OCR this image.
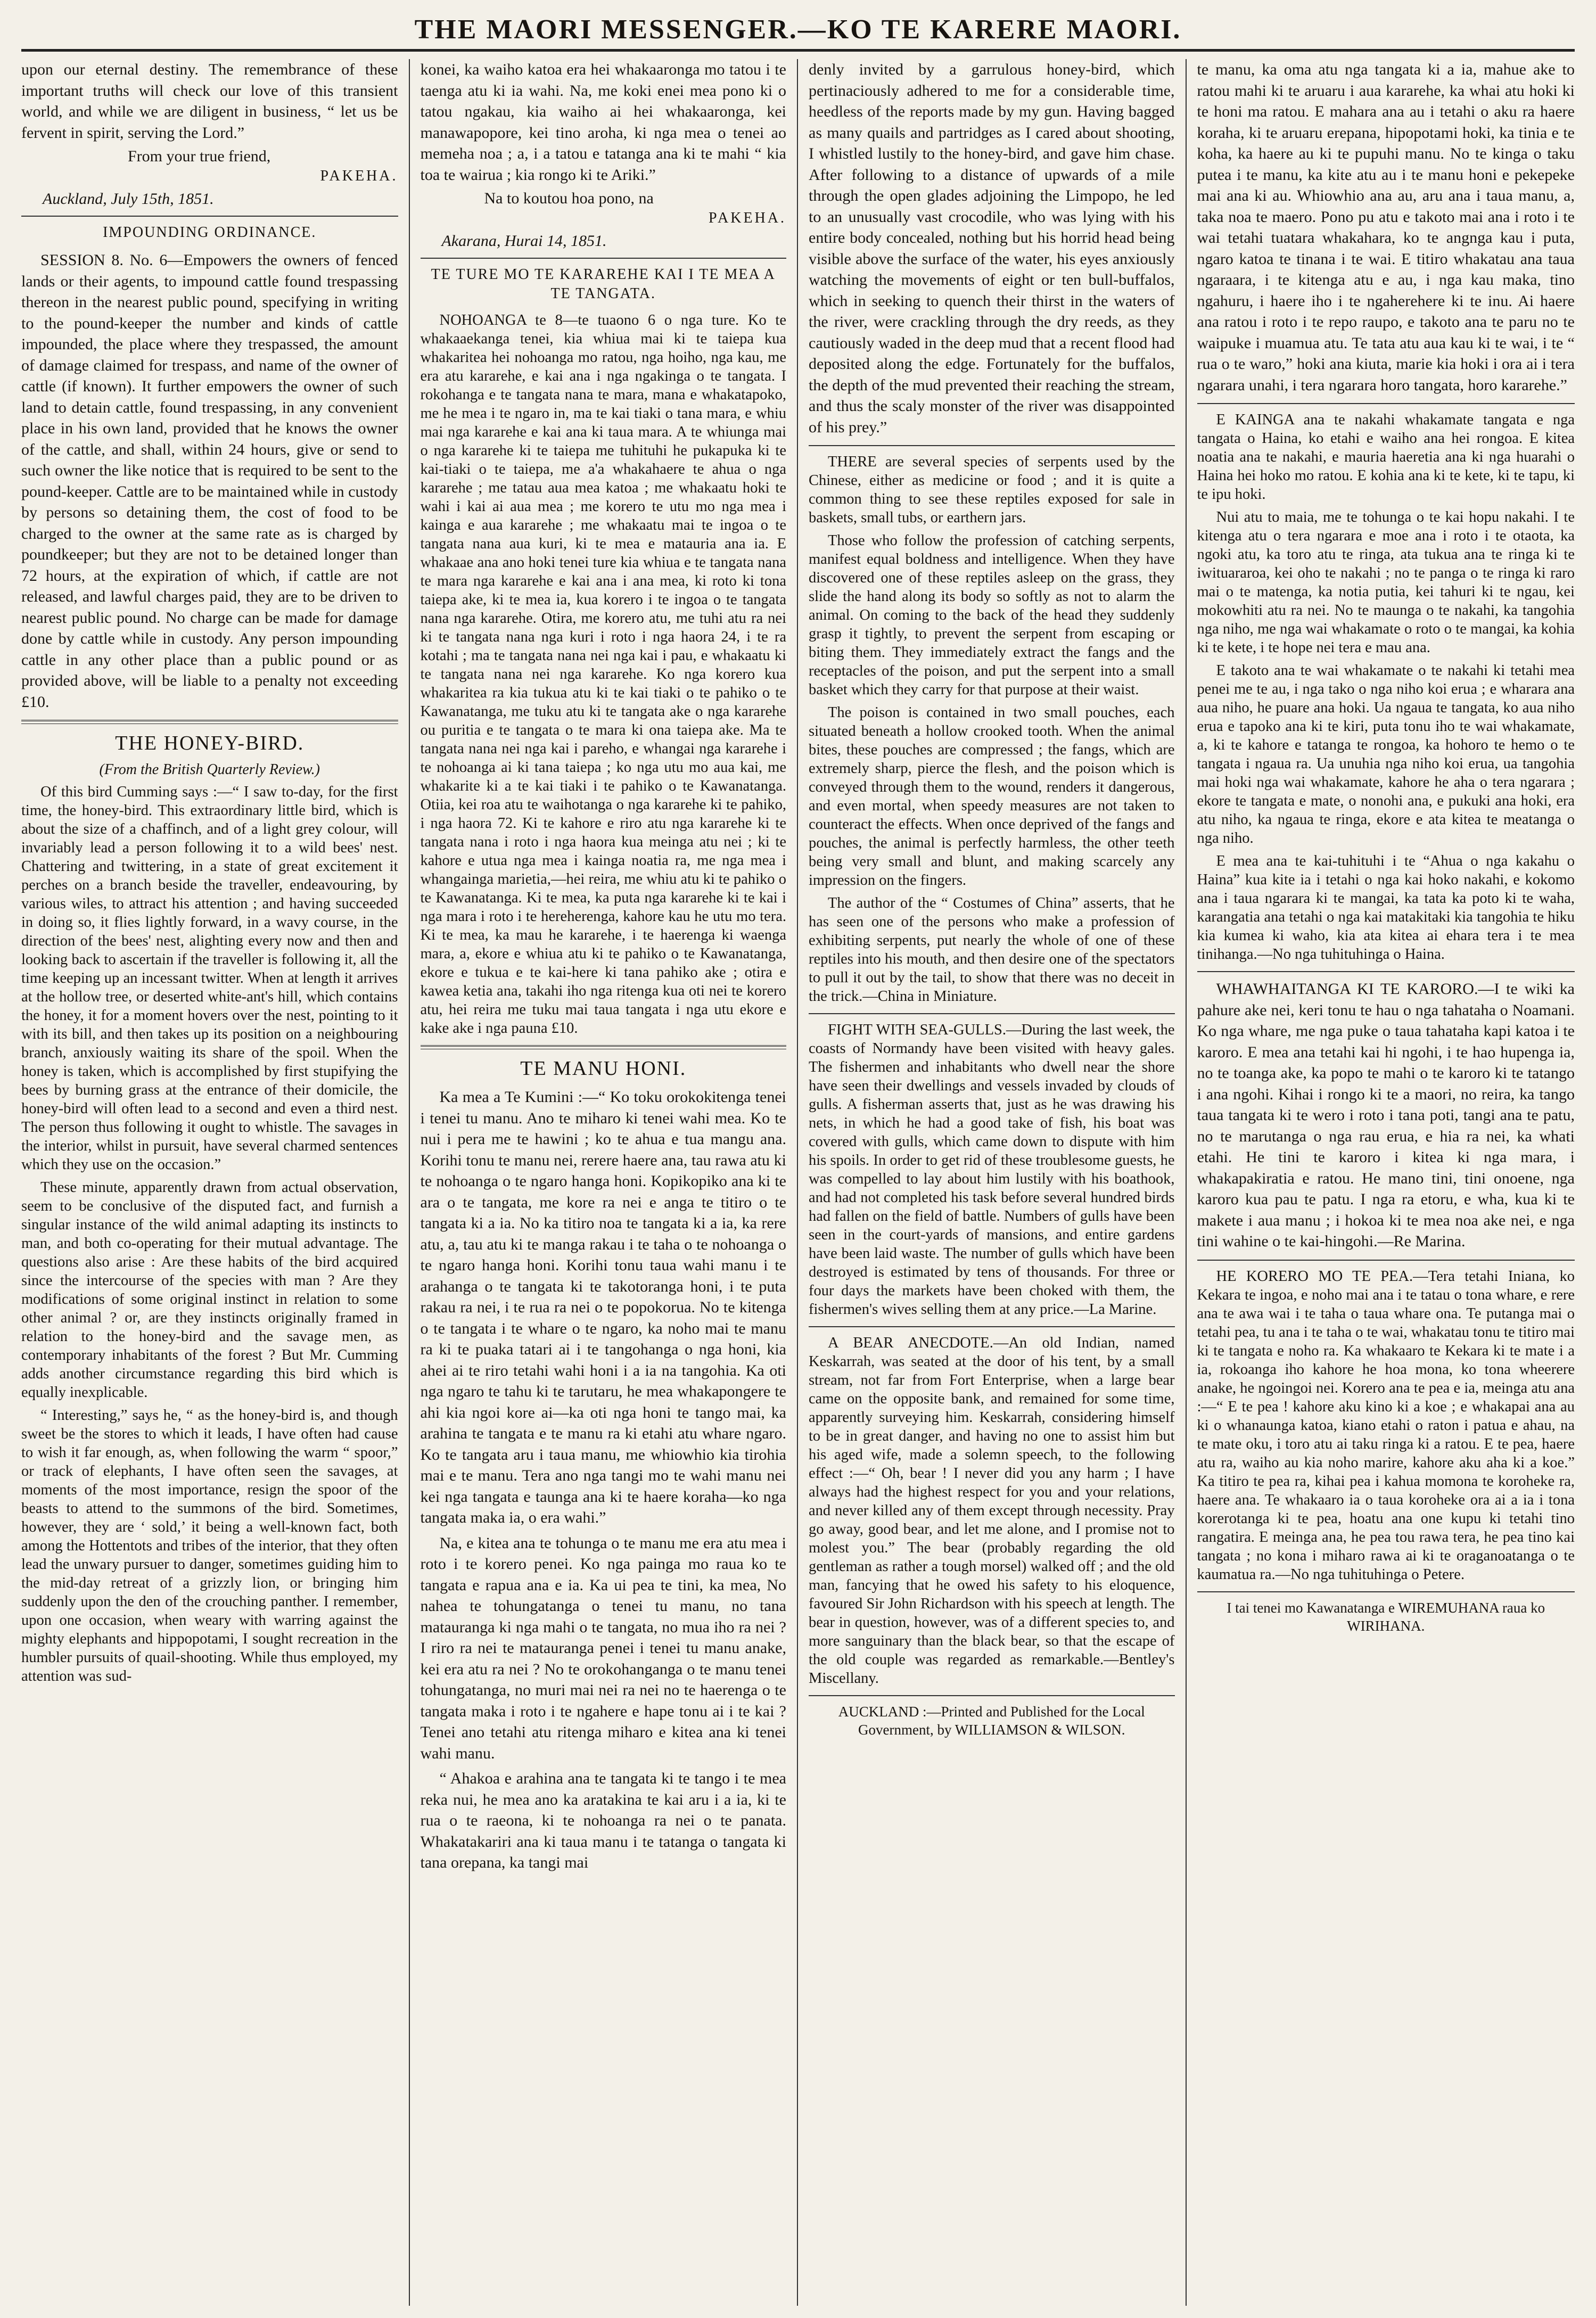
THE MAORI MESSENGER.—KO TE KARERE MAORI.

upon our eternal destiny. The remembrance of these important truths will check our love of this transient world, and while we are diligent in business, “ let us be fervent in spirit, serving the Lord.”

From your true friend,
PAKEHA.
Auckland, July 15th, 1851.
IMPOUNDING ORDINANCE.

SESSION 8. No. 6—Empowers the owners of fenced lands or their agents, to impound cattle found trespassing thereon in the nearest public pound, specifying in writing to the pound-keeper the number and kinds of cattle impounded, the place where they trespassed, the amount of damage claimed for trespass, and name of the owner of cattle (if known). It further empowers the owner of such land to detain cattle, found trespassing, in any convenient place in his own land, provided that he knows the owner of the cattle, and shall, within 24 hours, give or send to such owner the like notice that is required to be sent to the pound-keeper. Cattle are to be maintained while in custody by persons so detaining them, the cost of food to be charged to the owner at the same rate as is charged by poundkeeper; but they are not to be detained longer than 72 hours, at the expiration of which, if cattle are not released, and lawful charges paid, they are to be driven to nearest public pound. No charge can be made for damage done by cattle while in custody. Any person impounding cattle in any other place than a public pound or as provided above, will be liable to a penalty not exceeding £10.

THE HONEY-BIRD.
(From the British Quarterly Review.)

Of this bird Cumming says :—“ I saw to-day, for the first time, the honey-bird. This extraordinary little bird, which is about the size of a chaffinch, and of a light grey colour, will invariably lead a person following it to a wild bees' nest. Chattering and twittering, in a state of great excitement it perches on a branch beside the traveller, endeavouring, by various wiles, to attract his attention ; and having succeeded in doing so, it flies lightly forward, in a wavy course, in the direction of the bees' nest, alighting every now and then and looking back to ascertain if the traveller is following it, all the time keeping up an incessant twitter. When at length it arrives at the hollow tree, or deserted white-ant's hill, which contains the honey, it for a moment hovers over the nest, pointing to it with its bill, and then takes up its position on a neighbouring branch, anxiously waiting its share of the spoil. When the honey is taken, which is accomplished by first stupifying the bees by burning grass at the entrance of their domicile, the honey-bird will often lead to a second and even a third nest. The person thus following it ought to whistle. The savages in the interior, whilst in pursuit, have several charmed sentences which they use on the occasion.”

These minute, apparently drawn from actual observation, seem to be conclusive of the disputed fact, and furnish a singular instance of the wild animal adapting its instincts to man, and both co-operating for their mutual advantage. The questions also arise : Are these habits of the bird acquired since the intercourse of the species with man ? Are they modifications of some original instinct in relation to some other animal ? or, are they instincts originally framed in relation to the honey-bird and the savage men, as contemporary inhabitants of the forest ? But Mr. Cumming adds another circumstance regarding this bird which is equally inexplicable.

“ Interesting,” says he, “ as the honey-bird is, and though sweet be the stores to which it leads, I have often had cause to wish it far enough, as, when following the warm “ spoor,” or track of elephants, I have often seen the savages, at moments of the most importance, resign the spoor of the beasts to attend to the summons of the bird. Sometimes, however, they are ‘ sold,’ it being a well-known fact, both among the Hottentots and tribes of the interior, that they often lead the unwary pursuer to danger, sometimes guiding him to the mid-day retreat of a grizzly lion, or bringing him suddenly upon the den of the crouching panther. I remember, upon one occasion, when weary with warring against the mighty elephants and hippopotami, I sought recreation in the humbler pursuits of quail-shooting. While thus employed, my attention was sud-

konei, ka waiho katoa era hei whakaaronga mo tatou i te taenga atu ki ia wahi. Na, me koki enei mea pono ki o tatou ngakau, kia waiho ai hei whakaaronga, kei manawapopore, kei tino aroha, ki nga mea o tenei ao memeha noa ; a, i a tatou e tatanga ana ki te mahi “ kia toa te wairua ; kia rongo ki te Ariki.”

Na to koutou hoa pono, na
PAKEHA.
Akarana, Hurai 14, 1851.
TE TURE MO TE KARAREHE KAI I TE MEA A TE TANGATA.

NOHOANGA te 8—te tuaono 6 o nga ture. Ko te whakaaekanga tenei, kia whiua mai ki te taiepa kua whakaritea hei nohoanga mo ratou, nga hoiho, nga kau, me era atu kararehe, e kai ana i nga ngakinga o te tangata. I rokohanga e te tangata nana te mara, mana e whakatapoko, me he mea i te ngaro in, ma te kai tiaki o tana mara, e whiu mai nga kararehe e kai ana ki taua mara. A te whiunga mai o nga kararehe ki te taiepa me tuhituhi he pukapuka ki te kai-tiaki o te taiepa, me a'a whakahaere te ahua o nga kararehe ; me tatau aua mea katoa ; me whakaatu hoki te wahi i kai ai aua mea ; me korero te utu mo nga mea i kainga e aua kararehe ; me whakaatu mai te ingoa o te tangata nana aua kuri, ki te mea e matauria ana ia. E whakaae ana ano hoki tenei ture kia whiua e te tangata nana te mara nga kararehe e kai ana i ana mea, ki roto ki tona taiepa ake, ki te mea ia, kua korero i te ingoa o te tangata nana nga kararehe. Otira, me korero atu, me tuhi atu ra nei ki te tangata nana nga kuri i roto i nga haora 24, i te ra kotahi ; ma te tangata nana nei nga kai i pau, e whakaatu ki te tangata nana nei nga kararehe. Ko nga korero kua whakaritea ra kia tukua atu ki te kai tiaki o te pahiko o te Kawanatanga, me tuku atu ki te tangata ake o nga kararehe ou puritia e te tangata o te mara ki ona taiepa ake. Ma te tangata nana nei nga kai i pareho, e whangai nga kararehe i te nohoanga ai ki tana taiepa ; ko nga utu mo aua kai, me whakarite ki a te kai tiaki i te pahiko o te Kawanatanga. Otiia, kei roa atu te waihotanga o nga kararehe ki te pahiko, i nga haora 72. Ki te kahore e riro atu nga kararehe ki te tangata nana i roto i nga haora kua meinga atu nei ; ki te kahore e utua nga mea i kainga noatia ra, me nga mea i whangainga marietia,—hei reira, me whiu atu ki te pahiko o te Kawanatanga. Ki te mea, ka puta nga kararehe ki te kai i nga mara i roto i te hereherenga, kahore kau he utu mo tera. Ki te mea, ka mau he kararehe, i te haerenga ki waenga mara, a, ekore e whiua atu ki te pahiko o te Kawanatanga, ekore e tukua e te kai-here ki tana pahiko ake ; otira e kawea ketia ana, takahi iho nga ritenga kua oti nei te korero atu, hei reira me tuku mai taua tangata i nga utu ekore e kake ake i nga pauna £10.

TE MANU HONI.

Ka mea a Te Kumini :—“ Ko toku orokokitenga tenei i tenei tu manu. Ano te miharo ki tenei wahi mea. Ko te nui i pera me te hawini ; ko te ahua e tua mangu ana. Korihi tonu te manu nei, rerere haere ana, tau rawa atu ki te nohoanga o te ngaro hanga honi. Kopikopiko ana ki te ara o te tangata, me kore ra nei e anga te titiro o te tangata ki a ia. No ka titiro noa te tangata ki a ia, ka rere atu, a, tau atu ki te manga rakau i te taha o te nohoanga o te ngaro hanga honi. Korihi tonu taua wahi manu i te arahanga o te tangata ki te takotoranga honi, i te puta rakau ra nei, i te rua ra nei o te popokorua. No te kitenga o te tangata i te whare o te ngaro, ka noho mai te manu ra ki te puaka tatari ai i te tangohanga o nga honi, kia ahei ai te riro tetahi wahi honi i a ia na tangohia. Ka oti nga ngaro te tahu ki te tarutaru, he mea whakapongere te ahi kia ngoi kore ai—ka oti nga honi te tango mai, ka arahina te tangata e te manu ra ki etahi atu whare ngaro. Ko te tangata aru i taua manu, me whiowhio kia tirohia mai e te manu. Tera ano nga tangi mo te wahi manu nei kei nga tangata e taunga ana ki te haere koraha—ko nga tangata maka ia, o era wahi.”

Na, e kitea ana te tohunga o te manu me era atu mea i roto i te korero penei. Ko nga painga mo raua ko te tangata e rapua ana e ia. Ka ui pea te tini, ka mea, No nahea te tohungatanga o tenei tu manu, no tana matauranga ki nga mahi o te tangata, no mua iho ra nei ? I riro ra nei te matauranga penei i tenei tu manu anake, kei era atu ra nei ? No te orokohanganga o te manu tenei tohungatanga, no muri mai nei ra nei no te haerenga o te tangata maka i roto i te ngahere e hape tonu ai i te kai ? Tenei ano tetahi atu ritenga miharo e kitea ana ki tenei wahi manu.

“ Ahakoa e arahina ana te tangata ki te tango i te mea reka nui, he mea ano ka aratakina te kai aru i a ia, ki te rua o te raeona, ki te nohoanga ra nei o te panata. Whakatakariri ana ki taua manu i te tatanga o tangata ki tana orepana, ka tangi mai

denly invited by a garrulous honey-bird, which pertinaciously adhered to me for a considerable time, heedless of the reports made by my gun. Having bagged as many quails and partridges as I cared about shooting, I whistled lustily to the honey-bird, and gave him chase. After following to a distance of upwards of a mile through the open glades adjoining the Limpopo, he led to an unusually vast crocodile, who was lying with his entire body concealed, nothing but his horrid head being visible above the surface of the water, his eyes anxiously watching the movements of eight or ten bull-buffalos, which in seeking to quench their thirst in the waters of the river, were crackling through the dry reeds, as they cautiously waded in the deep mud that a recent flood had deposited along the edge. Fortunately for the buffalos, the depth of the mud prevented their reaching the stream, and thus the scaly monster of the river was disappointed of his prey.”

THERE are several species of serpents used by the Chinese, either as medicine or food ; and it is quite a common thing to see these reptiles exposed for sale in baskets, small tubs, or earthern jars.

Those who follow the profession of catching serpents, manifest equal boldness and intelligence. When they have discovered one of these reptiles asleep on the grass, they slide the hand along its body so softly as not to alarm the animal. On coming to the back of the head they suddenly grasp it tightly, to prevent the serpent from escaping or biting them. They immediately extract the fangs and the receptacles of the poison, and put the serpent into a small basket which they carry for that purpose at their waist.

The poison is contained in two small pouches, each situated beneath a hollow crooked tooth. When the animal bites, these pouches are compressed ; the fangs, which are extremely sharp, pierce the flesh, and the poison which is conveyed through them to the wound, renders it dangerous, and even mortal, when speedy measures are not taken to counteract the effects. When once deprived of the fangs and pouches, the animal is perfectly harmless, the other teeth being very small and blunt, and making scarcely any impression on the fingers.

The author of the “ Costumes of China” asserts, that he has seen one of the persons who make a profession of exhibiting serpents, put nearly the whole of one of these reptiles into his mouth, and then desire one of the spectators to pull it out by the tail, to show that there was no deceit in the trick.—China in Miniature.

FIGHT WITH SEA-GULLS.—During the last week, the coasts of Normandy have been visited with heavy gales. The fishermen and inhabitants who dwell near the shore have seen their dwellings and vessels invaded by clouds of gulls. A fisherman asserts that, just as he was drawing his nets, in which he had a good take of fish, his boat was covered with gulls, which came down to dispute with him his spoils. In order to get rid of these troublesome guests, he was compelled to lay about him lustily with his boathook, and had not completed his task before several hundred birds had fallen on the field of battle. Numbers of gulls have been seen in the court-yards of mansions, and entire gardens have been laid waste. The number of gulls which have been destroyed is estimated by tens of thousands. For three or four days the markets have been choked with them, the fishermen's wives selling them at any price.—La Marine.

A BEAR ANECDOTE.—An old Indian, named Keskarrah, was seated at the door of his tent, by a small stream, not far from Fort Enterprise, when a large bear came on the opposite bank, and remained for some time, apparently surveying him. Keskarrah, considering himself to be in great danger, and having no one to assist him but his aged wife, made a solemn speech, to the following effect :—“ Oh, bear ! I never did you any harm ; I have always had the highest respect for you and your relations, and never killed any of them except through necessity. Pray go away, good bear, and let me alone, and I promise not to molest you.” The bear (probably regarding the old gentleman as rather a tough morsel) walked off ; and the old man, fancying that he owed his safety to his eloquence, favoured Sir John Richardson with his speech at length. The bear in question, however, was of a different species to, and more sanguinary than the black bear, so that the escape of the old couple was regarded as remarkable.—Bentley's Miscellany.

AUCKLAND :—Printed and Published for the Local Government, by WILLIAMSON & WILSON.

te manu, ka oma atu nga tangata ki a ia, mahue ake to ratou mahi ki te aruaru i aua kararehe, ka whai atu hoki ki te honi ma ratou. E mahara ana au i tetahi o aku ra haere koraha, ki te aruaru erepana, hipopotami hoki, ka tinia e te koha, ka haere au ki te pupuhi manu. No te kinga o taku putea i te manu, ka kite atu au i te manu honi e pekepeke mai ana ki au. Whiowhio ana au, aru ana i taua manu, a, taka noa te maero. Pono pu atu e takoto mai ana i roto i te wai tetahi tuatara whakahara, ko te angnga kau i puta, ngaro katoa te tinana i te wai. E titiro whakatau ana taua ngaraara, i te kitenga atu e au, i nga kau maka, tino ngahuru, i haere iho i te ngaherehere ki te inu. Ai haere ana ratou i roto i te repo raupo, e takoto ana te paru no te waipuke i muamua atu. Te tata atu aua kau ki te wai, i te “ rua o te waro,” hoki ana kiuta, marie kia hoki i ora ai i tera ngarara unahi, i tera ngarara horo tangata, horo kararehe.”

E KAINGA ana te nakahi whakamate tangata e nga tangata o Haina, ko etahi e waiho ana hei rongoa. E kitea noatia ana te nakahi, e mauria haeretia ana ki nga huarahi o Haina hei hoko mo ratou. E kohia ana ki te kete, ki te tapu, ki te ipu hoki.

Nui atu to maia, me te tohunga o te kai hopu nakahi. I te kitenga atu o tera ngarara e moe ana i roto i te otaota, ka ngoki atu, ka toro atu te ringa, ata tukua ana te ringa ki te iwituararoa, kei oho te nakahi ; no te panga o te ringa ki raro mai o te matenga, ka notia putia, kei tahuri ki te ngau, kei mokowhiti atu ra nei. No te maunga o te nakahi, ka tangohia nga niho, me nga wai whakamate o roto o te mangai, ka kohia ki te kete, i te hope nei tera e mau ana.

E takoto ana te wai whakamate o te nakahi ki tetahi mea penei me te au, i nga tako o nga niho koi erua ; e wharara ana aua niho, he puare ana hoki. Ua ngaua te tangata, ko aua niho erua e tapoko ana ki te kiri, puta tonu iho te wai whakamate, a, ki te kahore e tatanga te rongoa, ka hohoro te hemo o te tangata i ngaua ra. Ua unuhia nga niho koi erua, ua tangohia mai hoki nga wai whakamate, kahore he aha o tera ngarara ; ekore te tangata e mate, o nonohi ana, e pukuki ana hoki, era atu niho, ka ngaua te ringa, ekore e ata kitea te meatanga o nga niho.

E mea ana te kai-tuhituhi i te “Ahua o nga kakahu o Haina” kua kite ia i tetahi o nga kai hoko nakahi, e kokomo ana i taua ngarara ki te mangai, ka tata ka poto ki te waha, karangatia ana tetahi o nga kai matakitaki kia tangohia te hiku kia kumea ki waho, kia ata kitea ai ehara tera i te mea tinihanga.—No nga tuhituhinga o Haina.

WHAWHAITANGA KI TE KARORO.—I te wiki ka pahure ake nei, keri tonu te hau o nga tahataha o Noamani. Ko nga whare, me nga puke o taua tahataha kapi katoa i te karoro. E mea ana tetahi kai hi ngohi, i te hao hupenga ia, no te toanga ake, ka popo te mahi o te karoro ki te tatango i ana ngohi. Kihai i rongo ki te a maori, no reira, ka tango taua tangata ki te wero i roto i tana poti, tangi ana te patu, no te marutanga o nga rau erua, e hia ra nei, ka whati etahi. He tini te karoro i kitea ki nga mara, i whakapakiratia e ratou. He mano tini, tini onoene, nga karoro kua pau te patu. I nga ra etoru, e wha, kua ki te makete i aua manu ; i hokoa ki te mea noa ake nei, e nga tini wahine o te kai-hingohi.—Re Marina.

HE KORERO MO TE PEA.—Tera tetahi Iniana, ko Kekara te ingoa, e noho mai ana i te tatau o tona whare, e rere ana te awa wai i te taha o taua whare ona. Te putanga mai o tetahi pea, tu ana i te taha o te wai, whakatau tonu te titiro mai ki te tangata e noho ra. Ka whakaaro te Kekara ki te mate i a ia, rokoanga iho kahore he hoa mona, ko tona wheerere anake, he ngoingoi nei. Korero ana te pea e ia, meinga atu ana :—“ E te pea ! kahore aku kino ki a koe ; e whakapai ana au ki o whanaunga katoa, kiano etahi o raton i patua e ahau, na te mate oku, i toro atu ai taku ringa ki a ratou. E te pea, haere atu ra, waiho au kia noho marire, kahore aku aha ki a koe.” Ka titiro te pea ra, kihai pea i kahua momona te koroheke ra, haere ana. Te whakaaro ia o taua koroheke ora ai a ia i tona korerotanga ki te pea, hoatu ana one kupu ki tetahi tino rangatira. E meinga ana, he pea tou rawa tera, he pea tino kai tangata ; no kona i miharo rawa ai ki te oraganoatanga o te kaumatua ra.—No nga tuhituhinga o Petere.

I tai tenei mo Kawanatanga e WIREMUHANA raua ko WIRIHANA.
